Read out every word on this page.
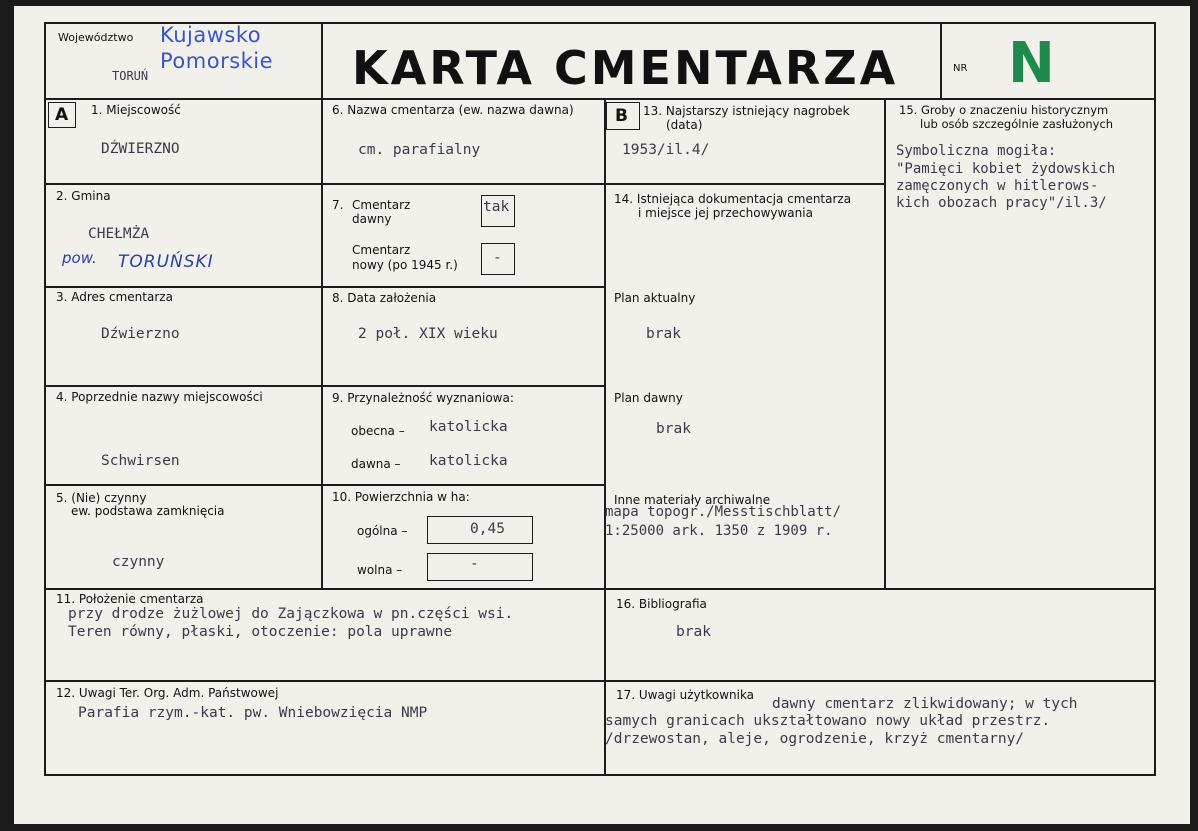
Województwo Kujawsko
Pomorskie
TORUŃ	KARTA CMENTARZA	NR N
A	B
1. Miejscowość
DŹWIERZNO
2. Gmina
CHEŁMŻA
pow. TORUŃSKI
3. Adres cmentarza
Dźwierzno
4. Poprzednie nazwy miejscowości
Schwirsen
5. (Nie) czynny
ew. podstawa zamknięcia
czynny
6. Nazwa cmentarza (ew. nazwa dawna)
cm. parafialny
7. Cmentarz
dawny
tak
Cmentarz
nowy (po 1945 r.) -
8. Data założenia
2 poł. XIX wieku
9. Przynależność wyznaniowa:
obecna – katolicka
dawna – katolicka
10. Powierzchnia w ha:
ogólna –	0,45
wolna –	-
13. Najstarszy istniejący nagrobek
(data)
1953/il.4/
14. Istniejąca dokumentacja cmentarza
i miejsce jej przechowywania
Plan aktualny
brak
Plan dawny
brak
Inne materiały archiwalne
mapa topogr./Messtischblatt/
1:25000 ark. 1350 z 1909 r.
15. Groby o znaczeniu historycznym
lub osób szczególnie zasłużonych
Symboliczna mogiła:
"Pamięci kobiet żydowskich
zamęczonych w hitlerows-
kich obozach pracy"/il.3/
11. Położenie cmentarza
przy drodze żużlowej do Zajączkowa w pn.części wsi.
Teren równy, płaski, otoczenie: pola uprawne
16. Bibliografia
brak
12. Uwagi Ter. Org. Adm. Państwowej
Parafia rzym.-kat. pw. Wniebowzięcia NMP
17. Uwagi użytkownika
dawny cmentarz zlikwidowany; w tych
samych granicach ukształtowano nowy układ przestrz.
/drzewostan, aleje, ogrodzenie, krzyż cmentarny/
